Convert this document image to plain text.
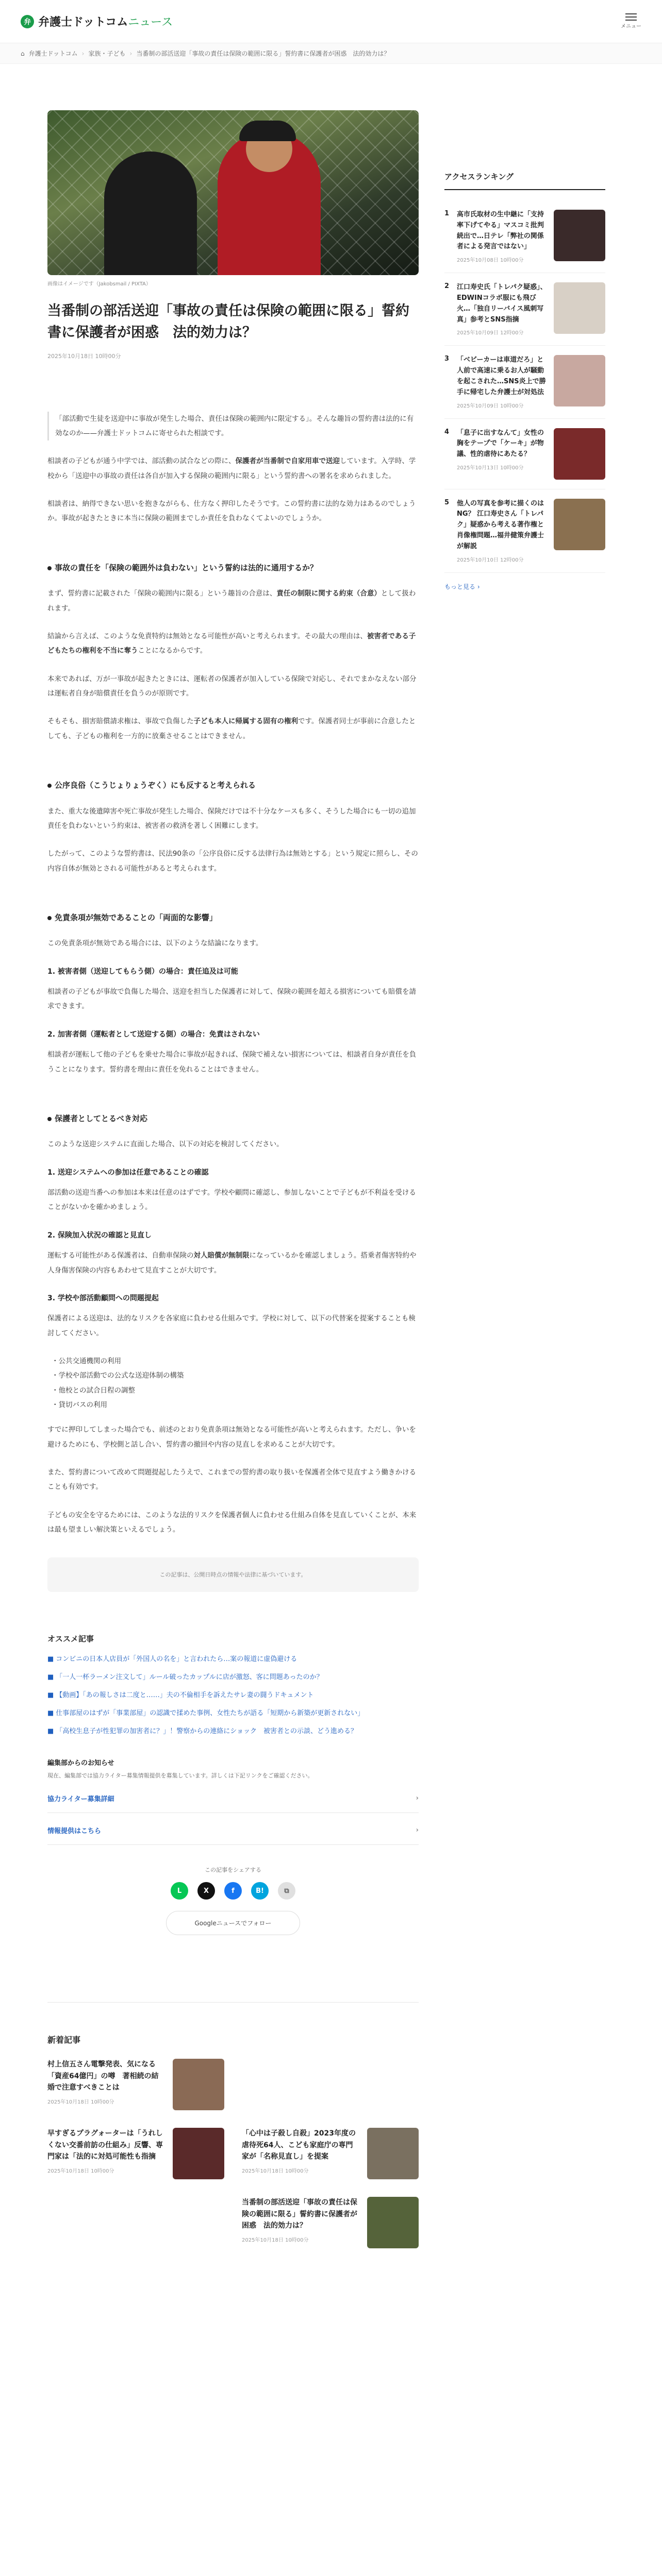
弁 弁護士ドットコムニュース	メニュー
⌂ 弁護士ドットコム › 家族・子ども › 当番制の部活送迎「事故の責任は保険の範囲に限る」誓約書に保護者が困惑　法的効力は？
画像はイメージです（Jakobsmail / PIXTA）
当番制の部活送迎「事故の責任は保険の範囲に限る」誓約書に保護者が困惑　法的効力は？
2025年10月18日 10時00分

「部活動で生徒を送迎中に事故が発生した場合、責任は保険の範囲内に限定する」。そんな趣旨の誓約書は法的に有効なのか——弁護士ドットコムに寄せられた相談です。

相談者の子どもが通う中学では、部活動の試合などの際に、保護者が当番制で自家用車で送迎しています。入学時、学校から「送迎中の事故の責任は各自が加入する保険の範囲内に限る」という誓約書への署名を求められました。

相談者は、納得できない思いを抱きながらも、仕方なく押印したそうです。この誓約書に法的な効力はあるのでしょうか。事故が起きたときに本当に保険の範囲までしか責任を負わなくてよいのでしょうか。

事故の責任を「保険の範囲外は負わない」という誓約は法的に通用するか？

まず、誓約書に記載された「保険の範囲内に限る」という趣旨の合意は、責任の制限に関する約束（合意）として扱われます。

結論から言えば、このような免責特約は無効となる可能性が高いと考えられます。その最大の理由は、被害者である子どもたちの権利を不当に奪うことになるからです。

本来であれば、万が一事故が起きたときには、運転者の保護者が加入している保険で対応し、それでまかなえない部分は運転者自身が賠償責任を負うのが原則です。

そもそも、損害賠償請求権は、事故で負傷した子ども本人に帰属する固有の権利です。保護者同士が事前に合意したとしても、子どもの権利を一方的に放棄させることはできません。

公序良俗（こうじょりょうぞく）にも反すると考えられる

また、重大な後遺障害や死亡事故が発生した場合、保険だけでは不十分なケースも多く、そうした場合にも一切の追加責任を負わないという約束は、被害者の救済を著しく困難にします。

したがって、このような誓約書は、民法90条の「公序良俗に反する法律行為は無効とする」という規定に照らし、その内容自体が無効とされる可能性があると考えられます。

免責条項が無効であることの「両面的な影響」

この免責条項が無効である場合には、以下のような結論になります。

1. 被害者側（送迎してもらう側）の場合：責任追及は可能

相談者の子どもが事故で負傷した場合、送迎を担当した保護者に対して、保険の範囲を超える損害についても賠償を請求できます。

2. 加害者側（運転者として送迎する側）の場合：免責はされない

相談者が運転して他の子どもを乗せた場合に事故が起きれば、保険で補えない損害については、相談者自身が責任を負うことになります。誓約書を理由に責任を免れることはできません。

保護者としてとるべき対応

このような送迎システムに直面した場合、以下の対応を検討してください。

1. 送迎システムへの参加は任意であることの確認

部活動の送迎当番への参加は本来は任意のはずです。学校や顧問に確認し、参加しないことで子どもが不利益を受けることがないかを確かめましょう。

2. 保険加入状況の確認と見直し

運転する可能性がある保護者は、自動車保険の対人賠償が無制限になっているかを確認しましょう。搭乗者傷害特約や人身傷害保険の内容もあわせて見直すことが大切です。

3. 学校や部活動顧問への問題提起

保護者による送迎は、法的なリスクを各家庭に負わせる仕組みです。学校に対して、以下の代替案を提案することも検討してください。

・ 公共交通機関の利用
・ 学校や部活動での公式な送迎体制の構築
・ 他校との試合日程の調整
・ 貸切バスの利用

すでに押印してしまった場合でも、前述のとおり免責条項は無効となる可能性が高いと考えられます。ただし、争いを避けるためにも、学校側と話し合い、誓約書の撤回や内容の見直しを求めることが大切です。

また、誓約書について改めて問題提起したうえで、これまでの誓約書の取り扱いを保護者全体で見直すよう働きかけることも有効です。

子どもの安全を守るためには、このような法的リスクを保護者個人に負わせる仕組み自体を見直していくことが、本来は最も望ましい解決策といえるでしょう。

この記事は、公開日時点の情報や法律に基づいています。
オススメ記事
■ コンビニの日本人店員が「外国人の名を」と言われたら…案の報道に虚偽避ける
■ 「一人一杯ラーメン注文して」ルール破ったカップルに店が激怒、客に問題あったのか？
■ 【動画】「あの報しさは二度と……」夫の不倫相手を訴えたサレ妻の闘うドキュメント
■ 仕事部屋のはずが「事業部屋」の認識で揉めた事例、女性たちが語る「短期から新築が更新されない」
■ 「高校生息子が性犯罪の加害者に？」！警察からの連絡にショック　被害者との示談、どう進める？
編集部からのお知らせ
現在、編集部では協力ライター募集情報提供を募集しています。詳しくは下記リンクをご確認ください。
協力ライター募集詳細	›
情報提供はこちら	›
この記事をシェアする
L	X	f	B!	⧉
Googleニュースでフォロー
新着記事
村上信五さん電撃発表、気になる「資産64億円」の噂　著相続の結婚で注意すべきことは
2025年10月18日 10時00分
早すぎるプラグォーターは「うれしくない交番前訪の仕組み」反響、専門家は「法的に対処可能性も指摘
2025年10月18日 10時00分
「心中は子殺し自殺」2023年度の虐待死64人、こども家庭庁の専門家が「名称見直し」を提案
2025年10月18日 10時00分
当番制の部活送迎「事故の責任は保険の範囲に限る」誓約書に保護者が困惑　法的効力は？
2025年10月18日 10時00分
アクセスランキング
1	高市氏取材の生中継に「支持率下げてやる」マスコミ批判続出で…日テレ「弊社の関係者による発言ではない」
2025年10月08日 10時00分
2	江口寿史氏「トレパク疑惑」、EDWINコラボ服にも飛び火…「独自リーバイス風刺写真」参考とSNS指摘
2025年10月09日 12時00分
3	「ベビーカーは車道だろ」と人前で高速に乗るお人が騒動を起こされた…SNS炎上で勝手に帰宅した弁護士が対処法
2025年10月09日 10時00分
4	「息子に出すなんて」女性の胸をテープで「ケーキ」が物議、性的虐待にあたる？
2025年10月13日 10時00分
5	他人の写真を参考に描くのはNG？ 江口寿史さん「トレパク」疑惑から考える著作権と肖像権問題…福井健策弁護士が解説
2025年10月10日 12時00分
もっと見る ›
